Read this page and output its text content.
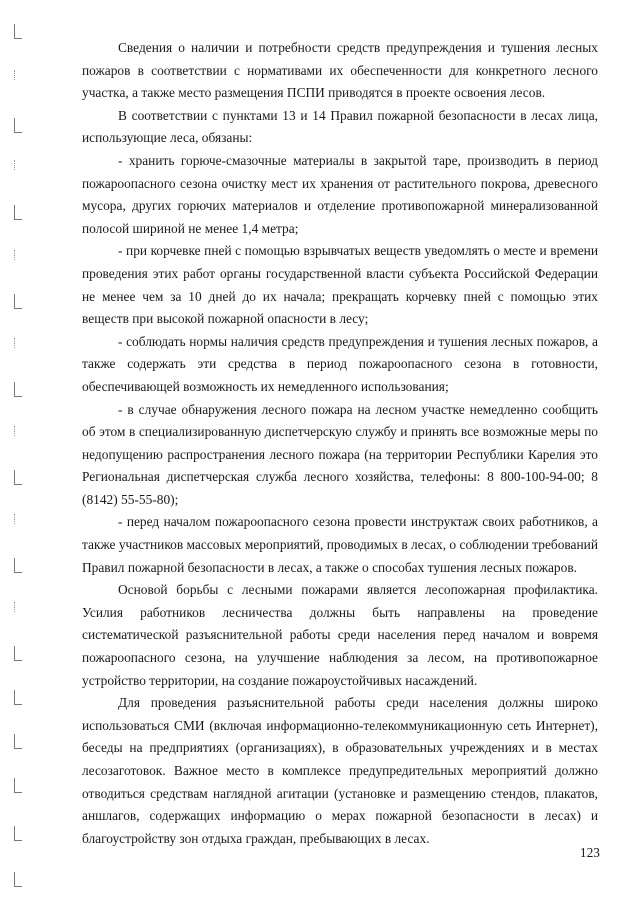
Сведения о наличии и потребности средств предупреждения и тушения лесных пожаров в соответствии с нормативами их обеспеченности для конкретного лесного участка, а также место размещения ПСПИ приводятся в проекте освоения лесов.

В соответствии с пунктами 13 и 14 Правил пожарной безопасности в лесах лица, использующие леса, обязаны:

- хранить горюче-смазочные материалы в закрытой таре, производить в период пожароопасного сезона очистку мест их хранения от растительного покрова, древесного мусора, других горючих материалов и отделение противопожарной минерализованной полосой шириной не менее 1,4 метра;

- при корчевке пней с помощью взрывчатых веществ уведомлять о месте и времени проведения этих работ органы государственной власти субъекта Российской Федерации не менее чем за 10 дней до их начала; прекращать корчевку пней с помощью этих веществ при высокой пожарной опасности в лесу;

- соблюдать нормы наличия средств предупреждения и тушения лесных пожаров, а также содержать эти средства в период пожароопасного сезона в готовности, обеспечивающей возможность их немедленного использования;

- в случае обнаружения лесного пожара на лесном участке немедленно сообщить об этом в специализированную диспетчерскую службу и принять все возможные меры по недопущению распространения лесного пожара (на территории Республики Карелия это Региональная диспетчерская служба лесного хозяйства, телефоны: 8 800-100-94-00; 8 (8142) 55-55-80);

- перед началом пожароопасного сезона провести инструктаж своих работников, а также участников массовых мероприятий, проводимых в лесах, о соблюдении требований Правил пожарной безопасности в лесах, а также о способах тушения лесных пожаров.

Основой борьбы с лесными пожарами является лесопожарная профилактика. Усилия работников лесничества должны быть направлены на проведение систематической разъяснительной работы среди населения перед началом и вовремя пожароопасного сезона, на улучшение наблюдения за лесом, на противопожарное устройство территории, на создание пожароустойчивых насаждений.

Для проведения разъяснительной работы среди населения должны широко использоваться СМИ (включая информационно-телекоммуникационную сеть Интернет), беседы на предприятиях (организациях), в образовательных учреждениях и в местах лесозаготовок. Важное место в комплексе предупредительных мероприятий должно отводиться средствам наглядной агитации (установке и размещению стендов, плакатов, аншлагов, содержащих информацию о мерах пожарной безопасности в лесах) и благоустройству зон отдыха граждан, пребывающих в лесах.

123
